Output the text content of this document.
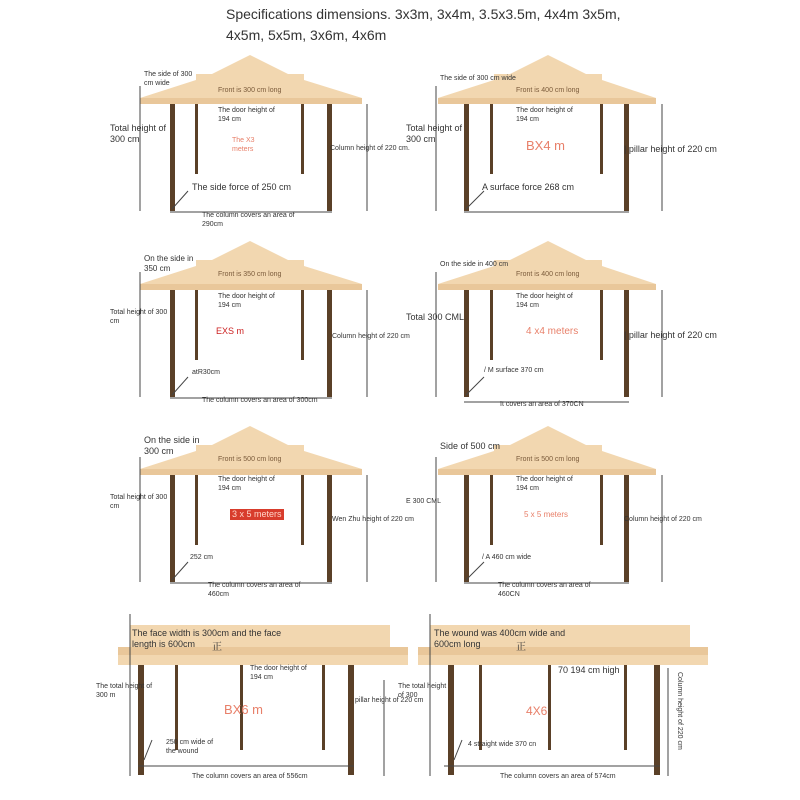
Specifications dimensions. 3x3m, 3x4m, 3.5x3.5m, 4x4m 3x5m,
4x5m, 5x5m, 3x6m, 4x6m
The side of 300 cm wide
Front is 300 cm long
The door height of 194 cm
Total height of 300 cm	The X3 meters	Column height of 220 cm.
The side force of 250 cm
The column covers an area of 290cm
The side of 300 cm wide
Front is 400 cm long
The door height of 194 cm
Total height of 300 cm	BX4 m	| pillar height of 220 cm
A surface force 268 cm
On the side in 350 cm
Front is 350 cm long
The door height of 194 cm
Total height of 300 cm
EXS m
Column height of 220 cm
atR30cm
The column covers an area of 300cm
On the side in 400 cm
Front is 400 cm long
The door height of 194 cm
Total 300 CML
4 x4 meters	| pillar height of 220 cm
/ M surface 370 cm
It covers an area of 370CN
On the side in 300 cm
Front is 500 cm long
The door height of 194 cm
Total height of 300 cm
3 x 5 meters
Wen Zhu height of 220 cm
252 cm
The column covers an area of 460cm
Side of 500 cm
Front is 500 cm long
The door height of 194 cm
E 300 CML
5 x 5 meters
Column height of 220 cm
/ A 460 cm wide
The column covers an area of 460CN
The face width is 300cm and the face length is 600cm	正
The door height of 194 cm
The total height of 300 m
BX6 m
pillar height of 220 cm
250 cm wide of the wound
The column covers an area of 556cm
The wound was 400cm wide and 600cm long	正
70 194 cm high
The total height of 300
4X6	Column height of 220 cm
4 straight wide 370 cn
The column covers an area of 574cm
